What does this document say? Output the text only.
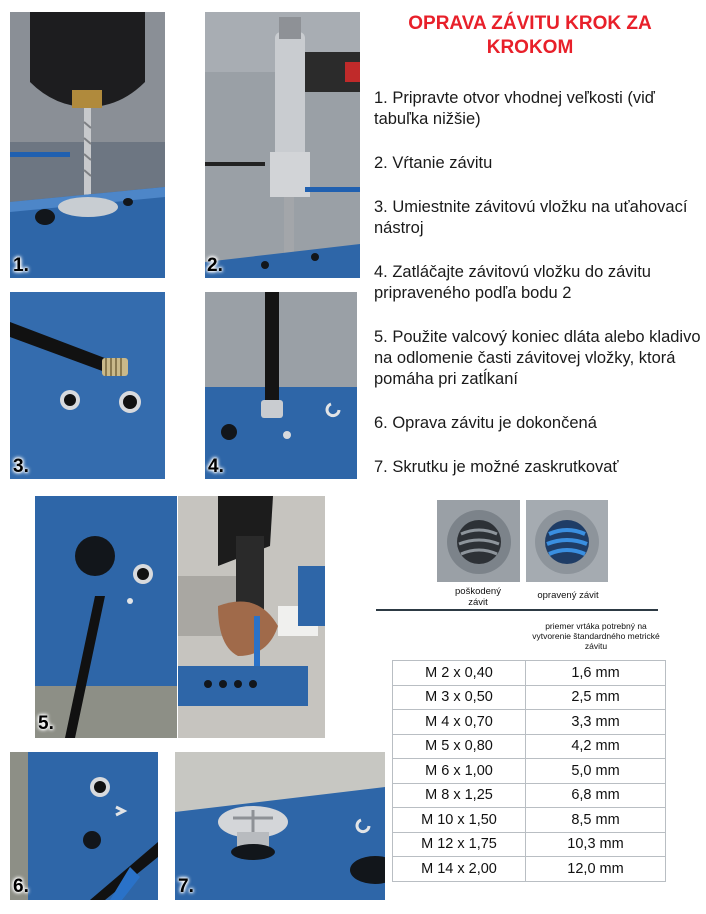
1.	2.
3.	4.
5.
6.	7.
OPRAVA ZÁVITU KROK ZA KROKOM
1. Pripravte otvor vhodnej veľkosti (viď tabuľka nižšie)
2. Vŕtanie závitu
3. Umiestnite závitovú vložku na uťahovací nástroj
4. Zatláčajte závitovú vložku do závitu pripraveného podľa bodu 2
5. Použite valcový koniec dláta alebo kladivo na odlomenie časti závitovej vložky, ktorá pomáha pri zatĺkaní
6. Oprava závitu je dokončená
7. Skrutku je možné zaskrutkovať
poškodený závit
opravený závit
priemer vrtáka potrebný na vytvorenie štandardného metrické závitu
M 2 x 0,40	1,6 mm
M 3 x 0,50	2,5 mm
M 4 x 0,70	3,3 mm
M 5 x 0,80	4,2 mm
M 6 x 1,00	5,0 mm
M 8 x 1,25	6,8 mm
M 10 x 1,50	8,5 mm
M 12 x 1,75	10,3 mm
M 14 x 2,00	12,0 mm
